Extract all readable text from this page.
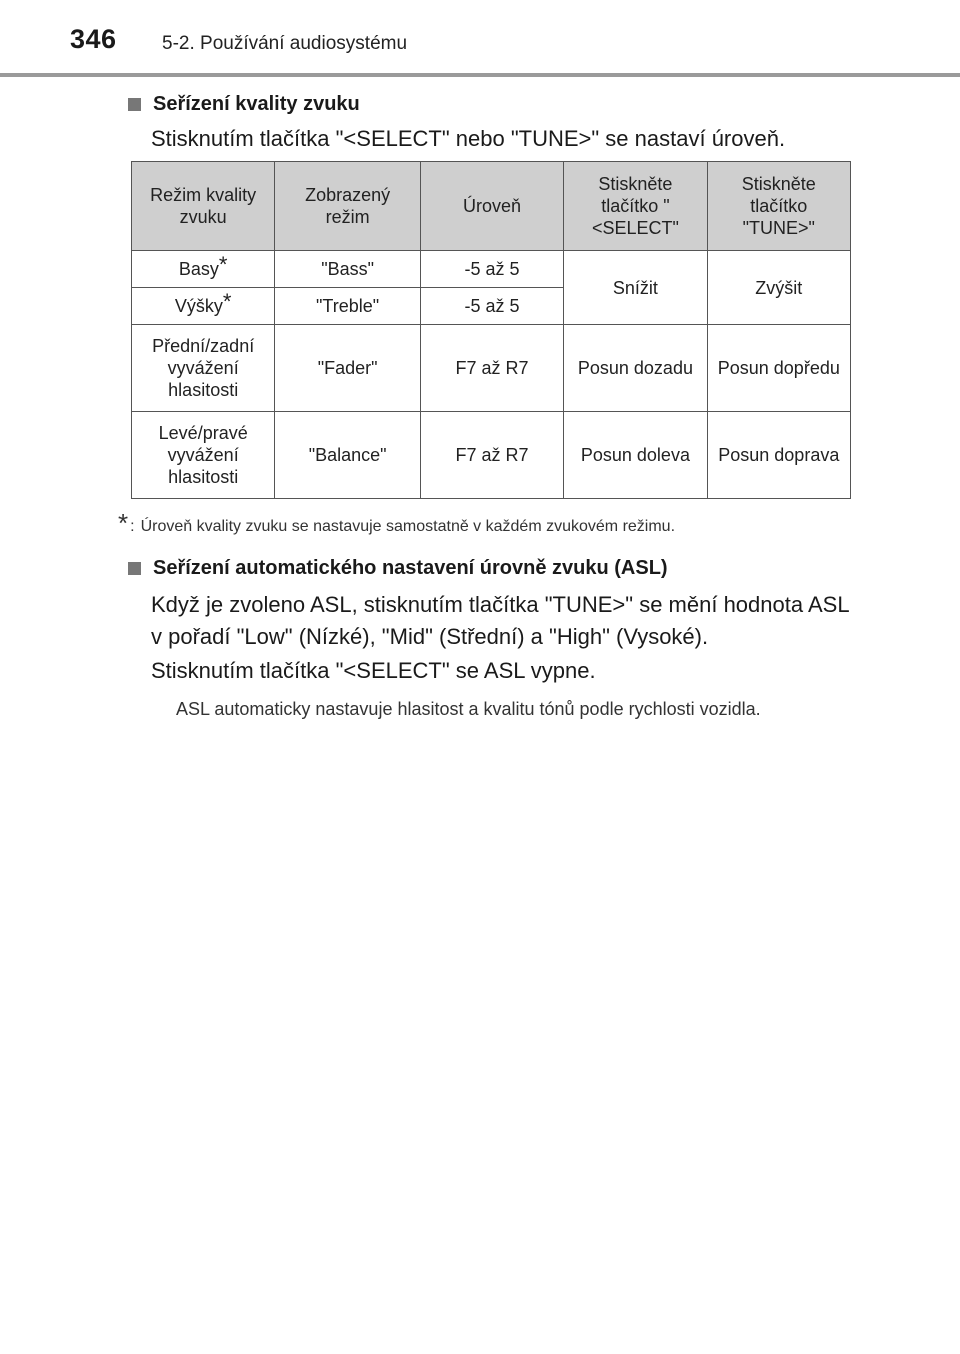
346 5-2. Používání audiosystému
Seřízení kvality zvuku
Stisknutím tlačítka "<SELECT" nebo "TUNE>" se nastaví úroveň.
Režim kvality zvuku	Zobrazený režim	Úroveň	Stiskněte tlačítko "<SELECT"	Stiskněte tlačítko "TUNE>"
Basy*	"Bass"	-5 až 5	Snížit	Zvýšit
Výšky*	"Treble"	-5 až 5		
Přední/zadní vyvážení hlasitosti	"Fader"	F7 až R7	Posun dozadu	Posun dopředu
Levé/pravé vyvážení hlasitosti	"Balance"	F7 až R7	Posun doleva	Posun doprava
* : Úroveň kvality zvuku se nastavuje samostatně v každém zvukovém režimu.
Seřízení automatického nastavení úrovně zvuku (ASL)
Když je zvoleno ASL, stisknutím tlačítka "TUNE>" se mění hodnota ASL v pořadí "Low" (Nízké), "Mid" (Střední) a "High" (Vysoké).
Stisknutím tlačítka "<SELECT" se ASL vypne.
ASL automaticky nastavuje hlasitost a kvalitu tónů podle rychlosti vozidla.
